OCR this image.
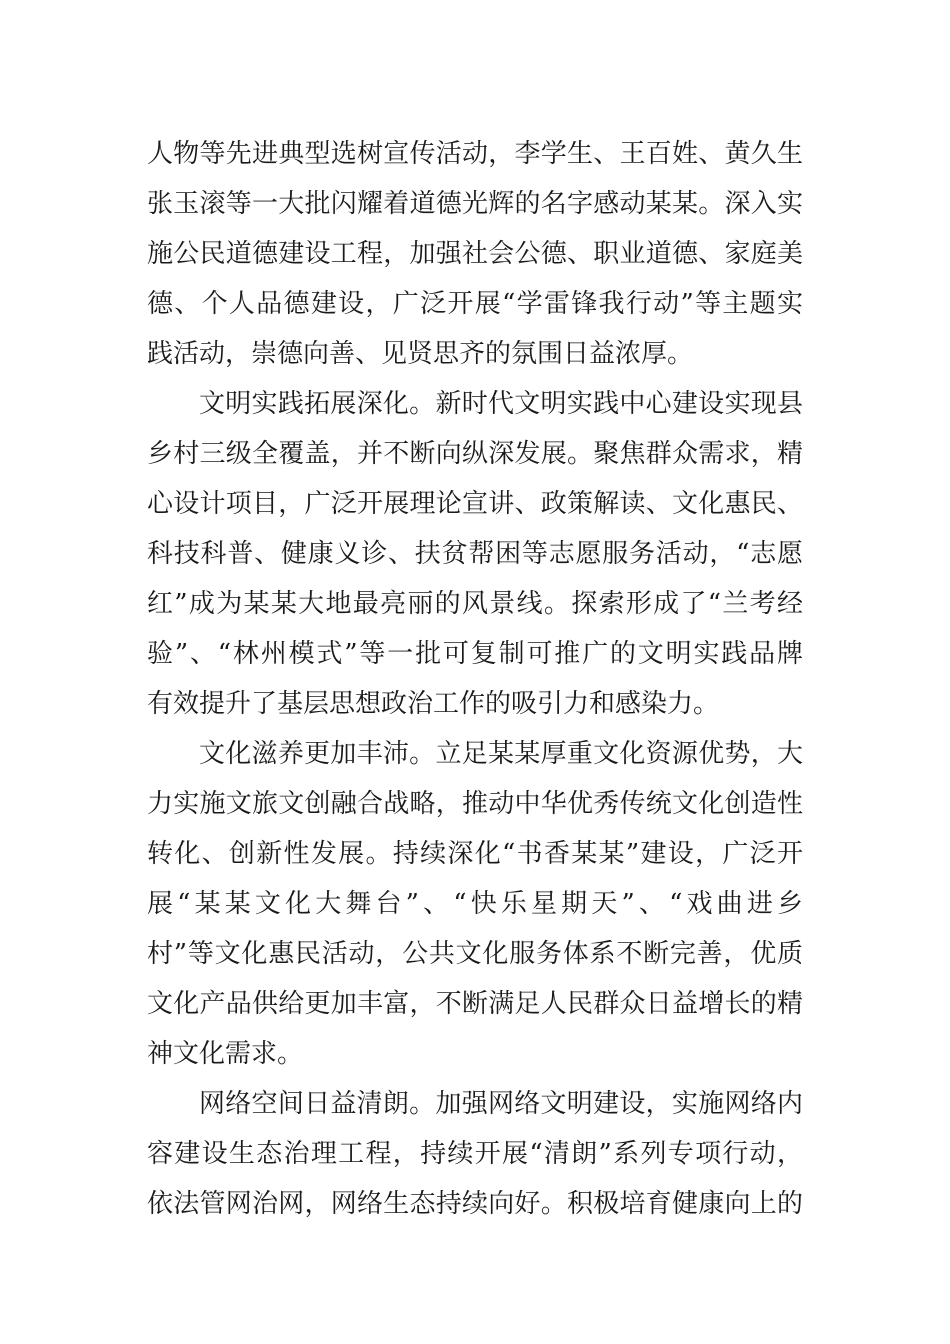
人物等先进典型选树宣传活动，李学生、王百姓、黄久生
张玉滚等一大批闪耀着道德光辉的名字感动某某。深入实
施公民道德建设工程，加强社会公德、职业道德、家庭美
德、个人品德建设，广泛开展“学雷锋我行动”等主题实
践活动，崇德向善、见贤思齐的氛围日益浓厚。
文明实践拓展深化。新时代文明实践中心建设实现县
乡村三级全覆盖，并不断向纵深发展。聚焦群众需求，精
心设计项目，广泛开展理论宣讲、政策解读、文化惠民、
科技科普、健康义诊、扶贫帮困等志愿服务活动，“志愿
红”成为某某大地最亮丽的风景线。探索形成了“兰考经
验”、“林州模式”等一批可复制可推广的文明实践品牌
有效提升了基层思想政治工作的吸引力和感染力。
文化滋养更加丰沛。立足某某厚重文化资源优势，大
力实施文旅文创融合战略，推动中华优秀传统文化创造性
转化、创新性发展。持续深化“书香某某”建设，广泛开
展“某某文化大舞台”、“快乐星期天”、“戏曲进乡
村”等文化惠民活动，公共文化服务体系不断完善，优质
文化产品供给更加丰富，不断满足人民群众日益增长的精
神文化需求。
网络空间日益清朗。加强网络文明建设，实施网络内
容建设生态治理工程，持续开展“清朗”系列专项行动，
依法管网治网，网络生态持续向好。积极培育健康向上的
